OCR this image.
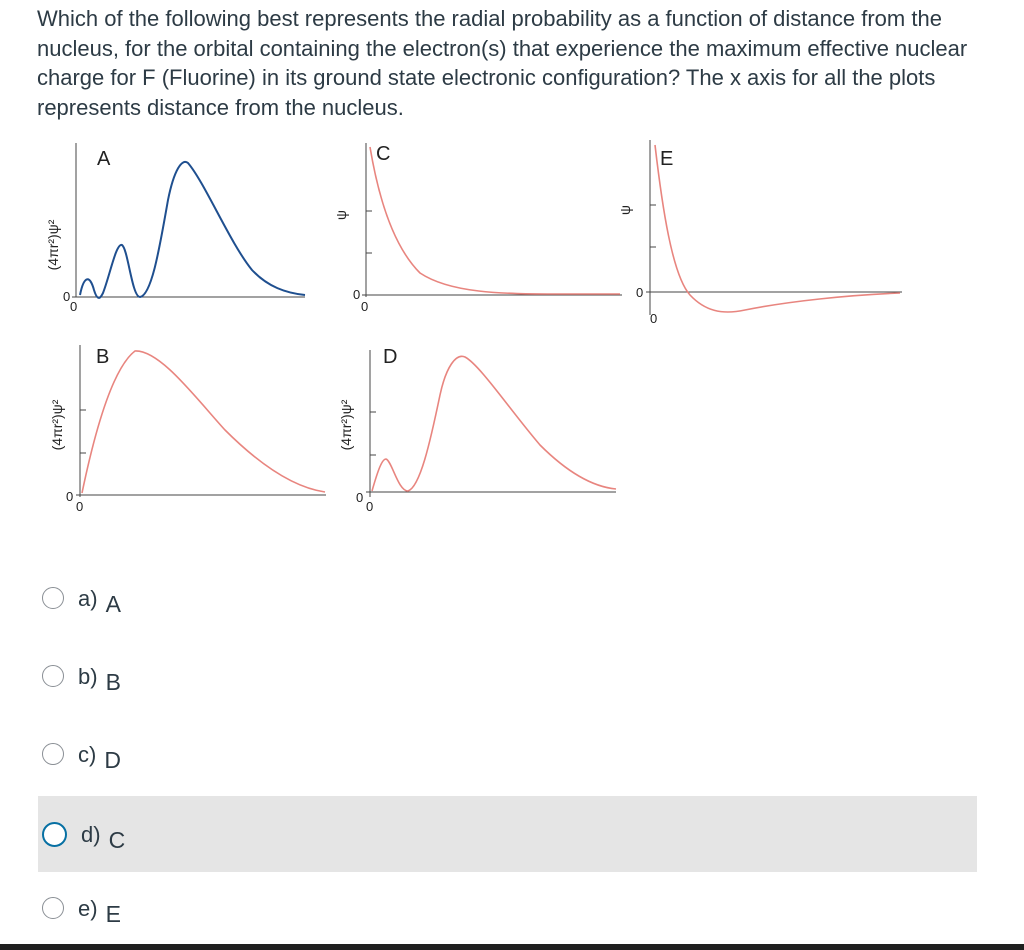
Which of the following best represents the radial probability as a function of distance from the nucleus, for the orbital containing the electron(s) that experience the maximum effective nuclear charge for F (Fluorine) in its ground state electronic configuration? The x axis for all the plots represents distance from the nucleus.

A
(4πr²)ψ²
0
0
C
ψ
0
0
E
ψ
0
0
B
(4πr²)ψ²
0
0
D
(4πr²)ψ²
0
0
a) A
b) B
c) D
d) C
e) E
